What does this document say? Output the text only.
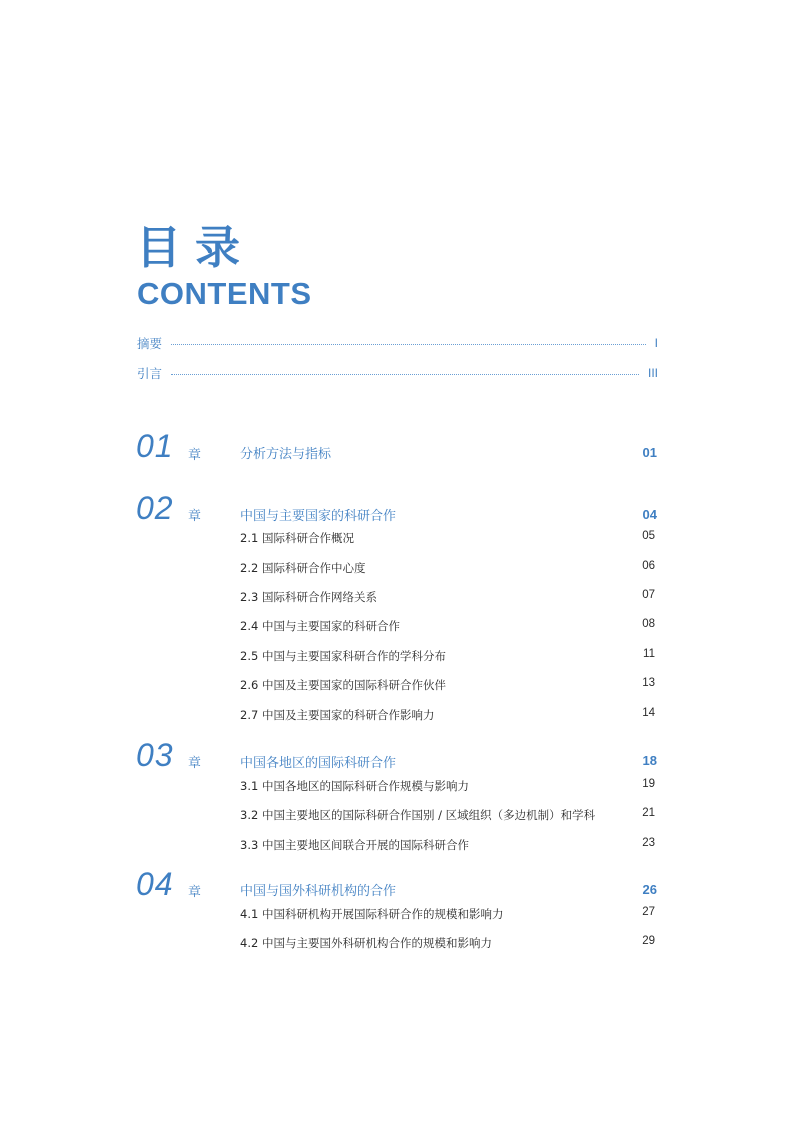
目录
CONTENTS
摘要	I
引言	III
01 章	分析方法与指标	01
02 章	中国与主要国家的科研合作	04
2.1 国际科研合作概况	05
2.2 国际科研合作中心度	06
2.3 国际科研合作网络关系	07
2.4 中国与主要国家的科研合作	08
2.5 中国与主要国家科研合作的学科分布	11
2.6 中国及主要国家的国际科研合作伙伴	13
2.7 中国及主要国家的科研合作影响力	14
03 章	中国各地区的国际科研合作	18
3.1 中国各地区的国际科研合作规模与影响力	19
3.2 中国主要地区的国际科研合作国别 / 区域组织（多边机制）和学科	21
3.3 中国主要地区间联合开展的国际科研合作	23
04 章	中国与国外科研机构的合作	26
4.1 中国科研机构开展国际科研合作的规模和影响力	27
4.2 中国与主要国外科研机构合作的规模和影响力	29
